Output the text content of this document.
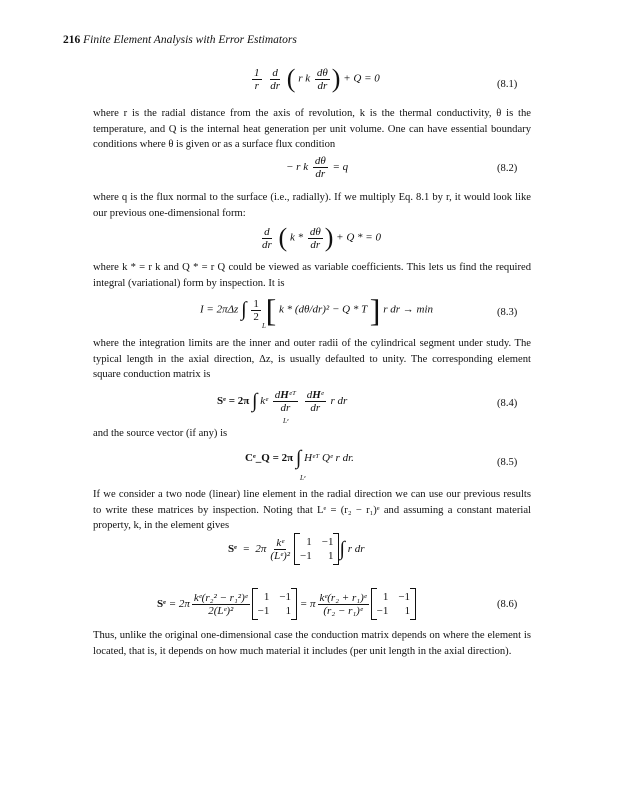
216 Finite Element Analysis with Error Estimators
$\frac{1}{r}$
$\frac{d}{dr}$ ( r k $\frac{d\theta}{dr}$ ) + Q = 0	(8.1)
where r is the radial distance from the axis of revolution, k is the thermal conductivity, θ is the temperature, and Q is the internal heat generation per unit volume. One can have essential boundary conditions where θ is given or as a surface flux condition
− r k $\frac{d\theta}{dr} = q$	(8.2)
where q is the flux normal to the surface (i.e., radially). If we multiply Eq. 8.1 by r, it would look like our previous one-dimensional form:
$\frac{d}{dr}$ ( k * $\frac{d\theta}{dr}$ ) + Q * = 0
where k * = r k and Q * = r Q could be viewed as variable coefficients. This lets us find the required integral (variational) form by inspection. It is
I = 2πΔz ∫ $\frac{1}{2}$ [ k * (dθ/dr)² − Q * T ] r dr → min
L
(8.3)
where the integration limits are the inner and outer radii of the cylindrical segment under study. The typical length in the axial direction, Δz, is usually defaulted to unity. The corresponding element square conduction matrix is
Sᵉ = 2π ∫ kᵉ $\frac{\text{dHᵉᵀ}}{dr}$
$\frac{\text{dHᵉ}}{dr}$ r dr
Lᵉ
(8.4)
and the source vector (if any) is
Cᵉ_Q = 2π ∫ Hᵉᵀ Qᵉ r dr.
Lᵉ
(8.5)
If we consider a two node (linear) line element in the radial direction we can use our previous results to write these matrices by inspection. Noting that Lᵉ = (r₂ − r₁)ᵉ and assuming a constant material property, k, in the element gives
Sᵉ =  $2\pi \frac{\text{kᵉ}}{\text{(Lᵉ)²}}$	1 −1
−1	1 ∫ r dr
Sᵉ = $2\pi \frac{\text{kᵉ(r₂² − r₁²)ᵉ}}{\text{2(Lᵉ)²}}$	1 −1
−1	1
= π $\frac{\text{kᵉ(r₂ + r₁)ᵉ}}{\text{(r₂ − r₁)ᵉ}}$	1 −1
−1	1
(8.6)
Thus, unlike the original one-dimensional case the conduction matrix depends on where the element is located, that is, it depends on how much material it includes (per unit length in the axial direction).
